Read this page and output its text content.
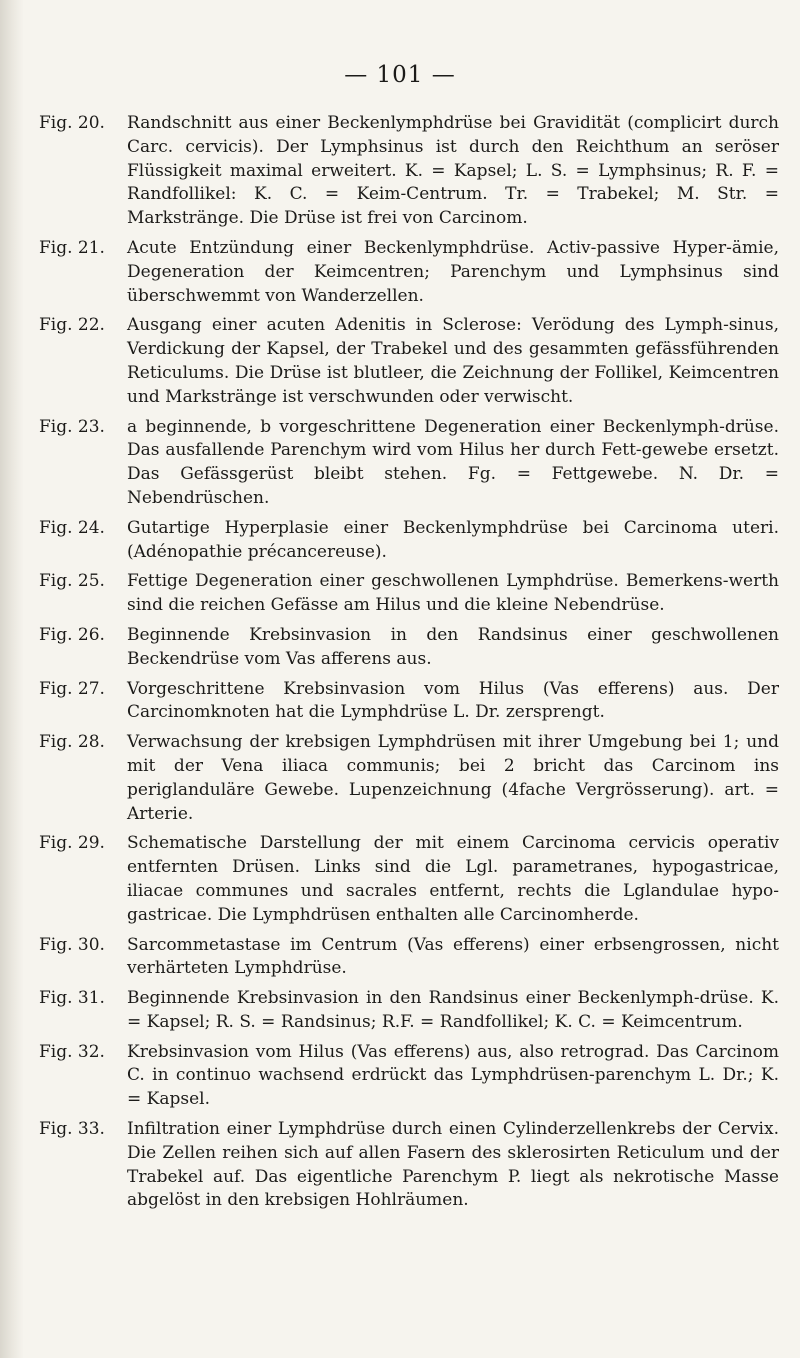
— 101 —
Fig. 20.	Randschnitt aus einer Beckenlymphdrüse bei Gravidität (complicirt durch Carc. cervicis). Der Lymphsinus ist durch den Reichthum an seröser Flüssigkeit maximal erweitert. K. = Kapsel; L. S. = Lymphsinus; R. F. = Randfollikel: K. C. = Keim-Centrum. Tr. = Trabekel; M. Str. = Markstränge. Die Drüse ist frei von Carcinom.
Fig. 21.	Acute Entzündung einer Beckenlymphdrüse. Activ-passive Hyper-ämie, Degeneration der Keimcentren; Parenchym und Lymphsinus sind überschwemmt von Wanderzellen.
Fig. 22.	Ausgang einer acuten Adenitis in Sclerose: Verödung des Lymph-sinus, Verdickung der Kapsel, der Trabekel und des gesammten gefässführenden Reticulums. Die Drüse ist blutleer, die Zeichnung der Follikel, Keimcentren und Markstränge ist verschwunden oder verwischt.
Fig. 23.	a beginnende, b vorgeschrittene Degeneration einer Beckenlymph-drüse. Das ausfallende Parenchym wird vom Hilus her durch Fett-gewebe ersetzt. Das Gefässgerüst bleibt stehen. Fg. = Fettgewebe. N. Dr. = Nebendrüschen.
Fig. 24.	Gutartige Hyperplasie einer Beckenlymphdrüse bei Carcinoma uteri. (Adénopathie précancereuse).
Fig. 25.	Fettige Degeneration einer geschwollenen Lymphdrüse. Bemerkens-werth sind die reichen Gefässe am Hilus und die kleine Nebendrüse.
Fig. 26.	Beginnende Krebsinvasion in den Randsinus einer geschwollenen Beckendrüse vom Vas afferens aus.
Fig. 27.	Vorgeschrittene Krebsinvasion vom Hilus (Vas efferens) aus. Der Carcinomknoten hat die Lymphdrüse L. Dr. zersprengt.
Fig. 28.	Verwachsung der krebsigen Lymphdrüsen mit ihrer Umgebung bei 1; und mit der Vena iliaca communis; bei 2 bricht das Carcinom ins periglanduläre Gewebe. Lupenzeichnung (4fache Vergrösserung). art. = Arterie.
Fig. 29.	Schematische Darstellung der mit einem Carcinoma cervicis operativ entfernten Drüsen. Links sind die Lgl. parametranes, hypogastricae, iliacae communes und sacrales entfernt, rechts die Lglandulae hypo-gastricae. Die Lymphdrüsen enthalten alle Carcinomherde.
Fig. 30.	Sarcommetastase im Centrum (Vas efferens) einer erbsengrossen, nicht verhärteten Lymphdrüse.
Fig. 31.	Beginnende Krebsinvasion in den Randsinus einer Beckenlymph-drüse. K. = Kapsel; R. S. = Randsinus; R.F. = Randfollikel; K. C. = Keimcentrum.
Fig. 32.	Krebsinvasion vom Hilus (Vas efferens) aus, also retrograd. Das Carcinom C. in continuo wachsend erdrückt das Lymphdrüsen-parenchym L. Dr.; K. = Kapsel.
Fig. 33.	Infiltration einer Lymphdrüse durch einen Cylinderzellenkrebs der Cervix. Die Zellen reihen sich auf allen Fasern des sklerosirten Reticulum und der Trabekel auf. Das eigentliche Parenchym P. liegt als nekrotische Masse abgelöst in den krebsigen Hohlräumen.
